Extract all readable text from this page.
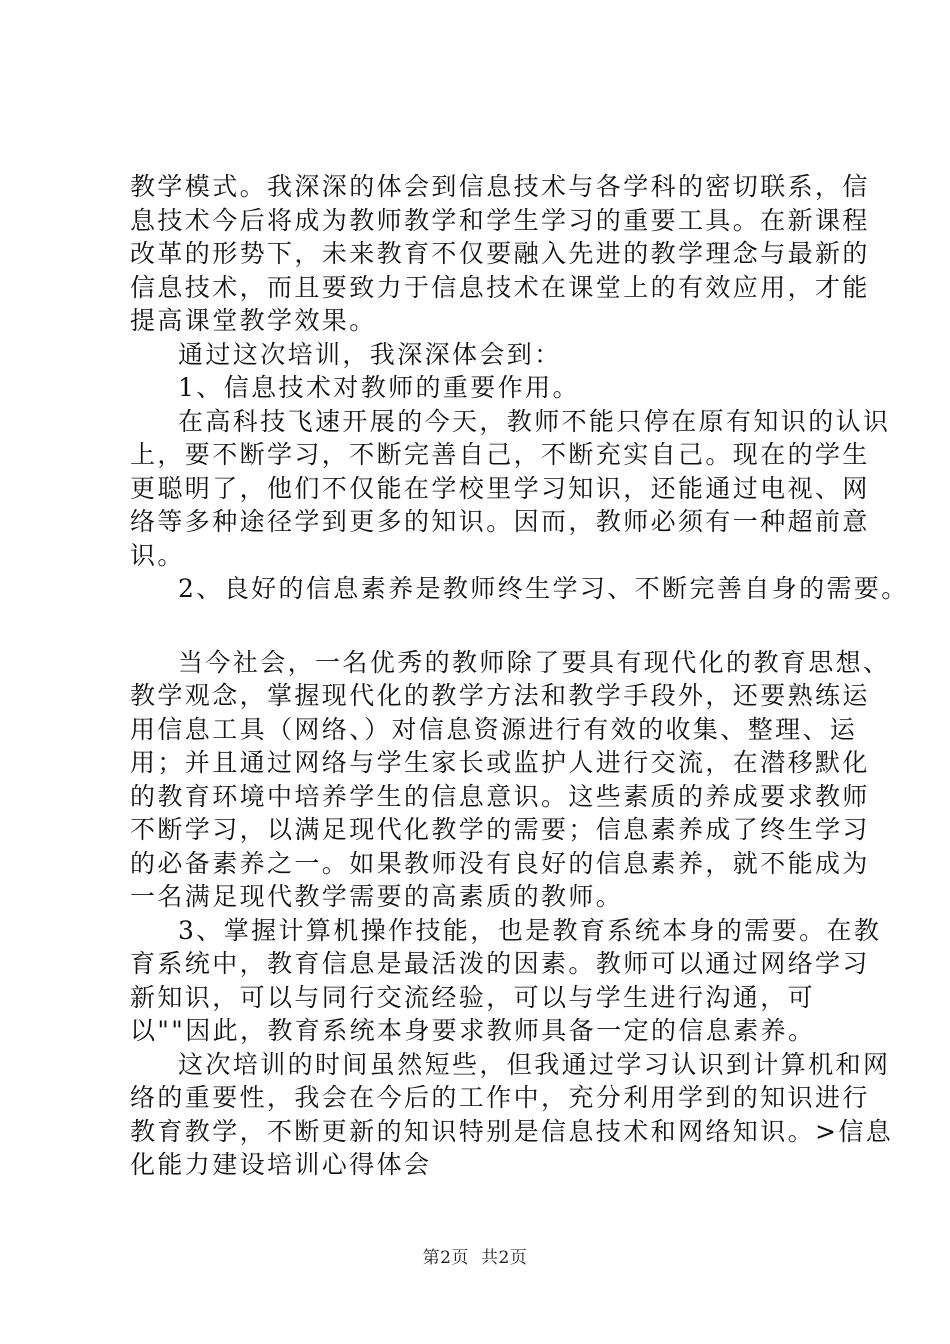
教学模式。我深深的体会到信息技术与各学科的密切联系，信
息技术今后将成为教师教学和学生学习的重要工具。在新课程
改革的形势下，未来教育不仅要融入先进的教学理念与最新的
信息技术，而且要致力于信息技术在课堂上的有效应用，才能
提高课堂教学效果。
通过这次培训，我深深体会到：
1、信息技术对教师的重要作用。
在高科技飞速开展的今天，教师不能只停在原有知识的认识
上，要不断学习，不断完善自己，不断充实自己。现在的学生
更聪明了，他们不仅能在学校里学习知识，还能通过电视、网
络等多种途径学到更多的知识。因而，教师必须有一种超前意
识。
2、良好的信息素养是教师终生学习、不断完善自身的需要。
当今社会，一名优秀的教师除了要具有现代化的教育思想、
教学观念，掌握现代化的教学方法和教学手段外，还要熟练运
用信息工具（网络、）对信息资源进行有效的收集、整理、运
用；并且通过网络与学生家长或监护人进行交流，在潜移默化
的教育环境中培养学生的信息意识。这些素质的养成要求教师
不断学习，以满足现代化教学的需要；信息素养成了终生学习
的必备素养之一。如果教师没有良好的信息素养，就不能成为
一名满足现代教学需要的高素质的教师。
3、掌握计算机操作技能，也是教育系统本身的需要。在教
育系统中，教育信息是最活泼的因素。教师可以通过网络学习
新知识，可以与同行交流经验，可以与学生进行沟通，可
以""因此，教育系统本身要求教师具备一定的信息素养。
这次培训的时间虽然短些，但我通过学习认识到计算机和网
络的重要性，我会在今后的工作中，充分利用学到的知识进行
教育教学，不断更新的知识特别是信息技术和网络知识。>信息
化能力建设培训心得体会
第2页 共2页
